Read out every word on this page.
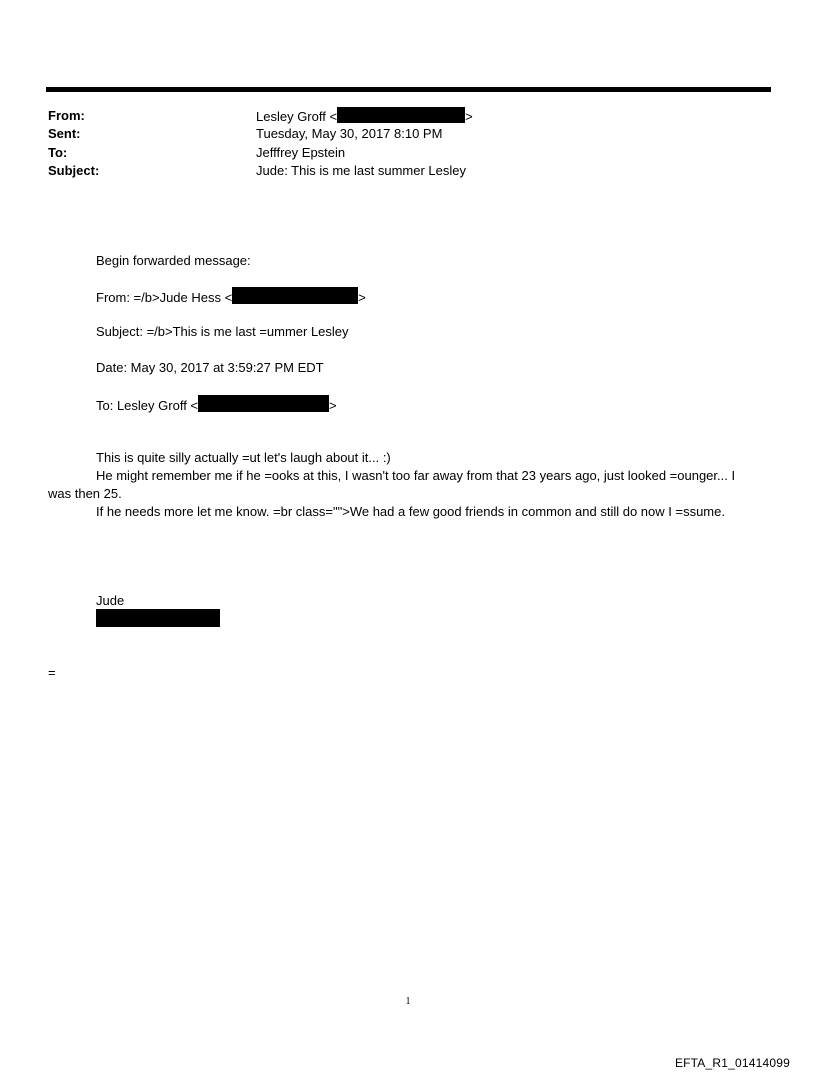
From:	Lesley Groff <	>
Sent:	Tuesday, May 30, 2017 8:10 PM
To:	Jefffrey Epstein
Subject:	Jude: This is me last summer Lesley
Begin forwarded message:
From: =/b>Jude Hess <	>
Subject: =/b>This is me last =ummer Lesley
Date: May 30, 2017 at 3:59:27 PM EDT
To: Lesley Groff <	>
This is quite silly actually =ut let's laugh about it... :)
He might remember me if he =ooks at this, I wasn't too far away from that 23 years ago, just looked =ounger... I
was then 25.
If he needs more let me know. =br class="">We had a few good friends in common and still do now I =ssume.
Jude
=
1
EFTA_R1_01414099
